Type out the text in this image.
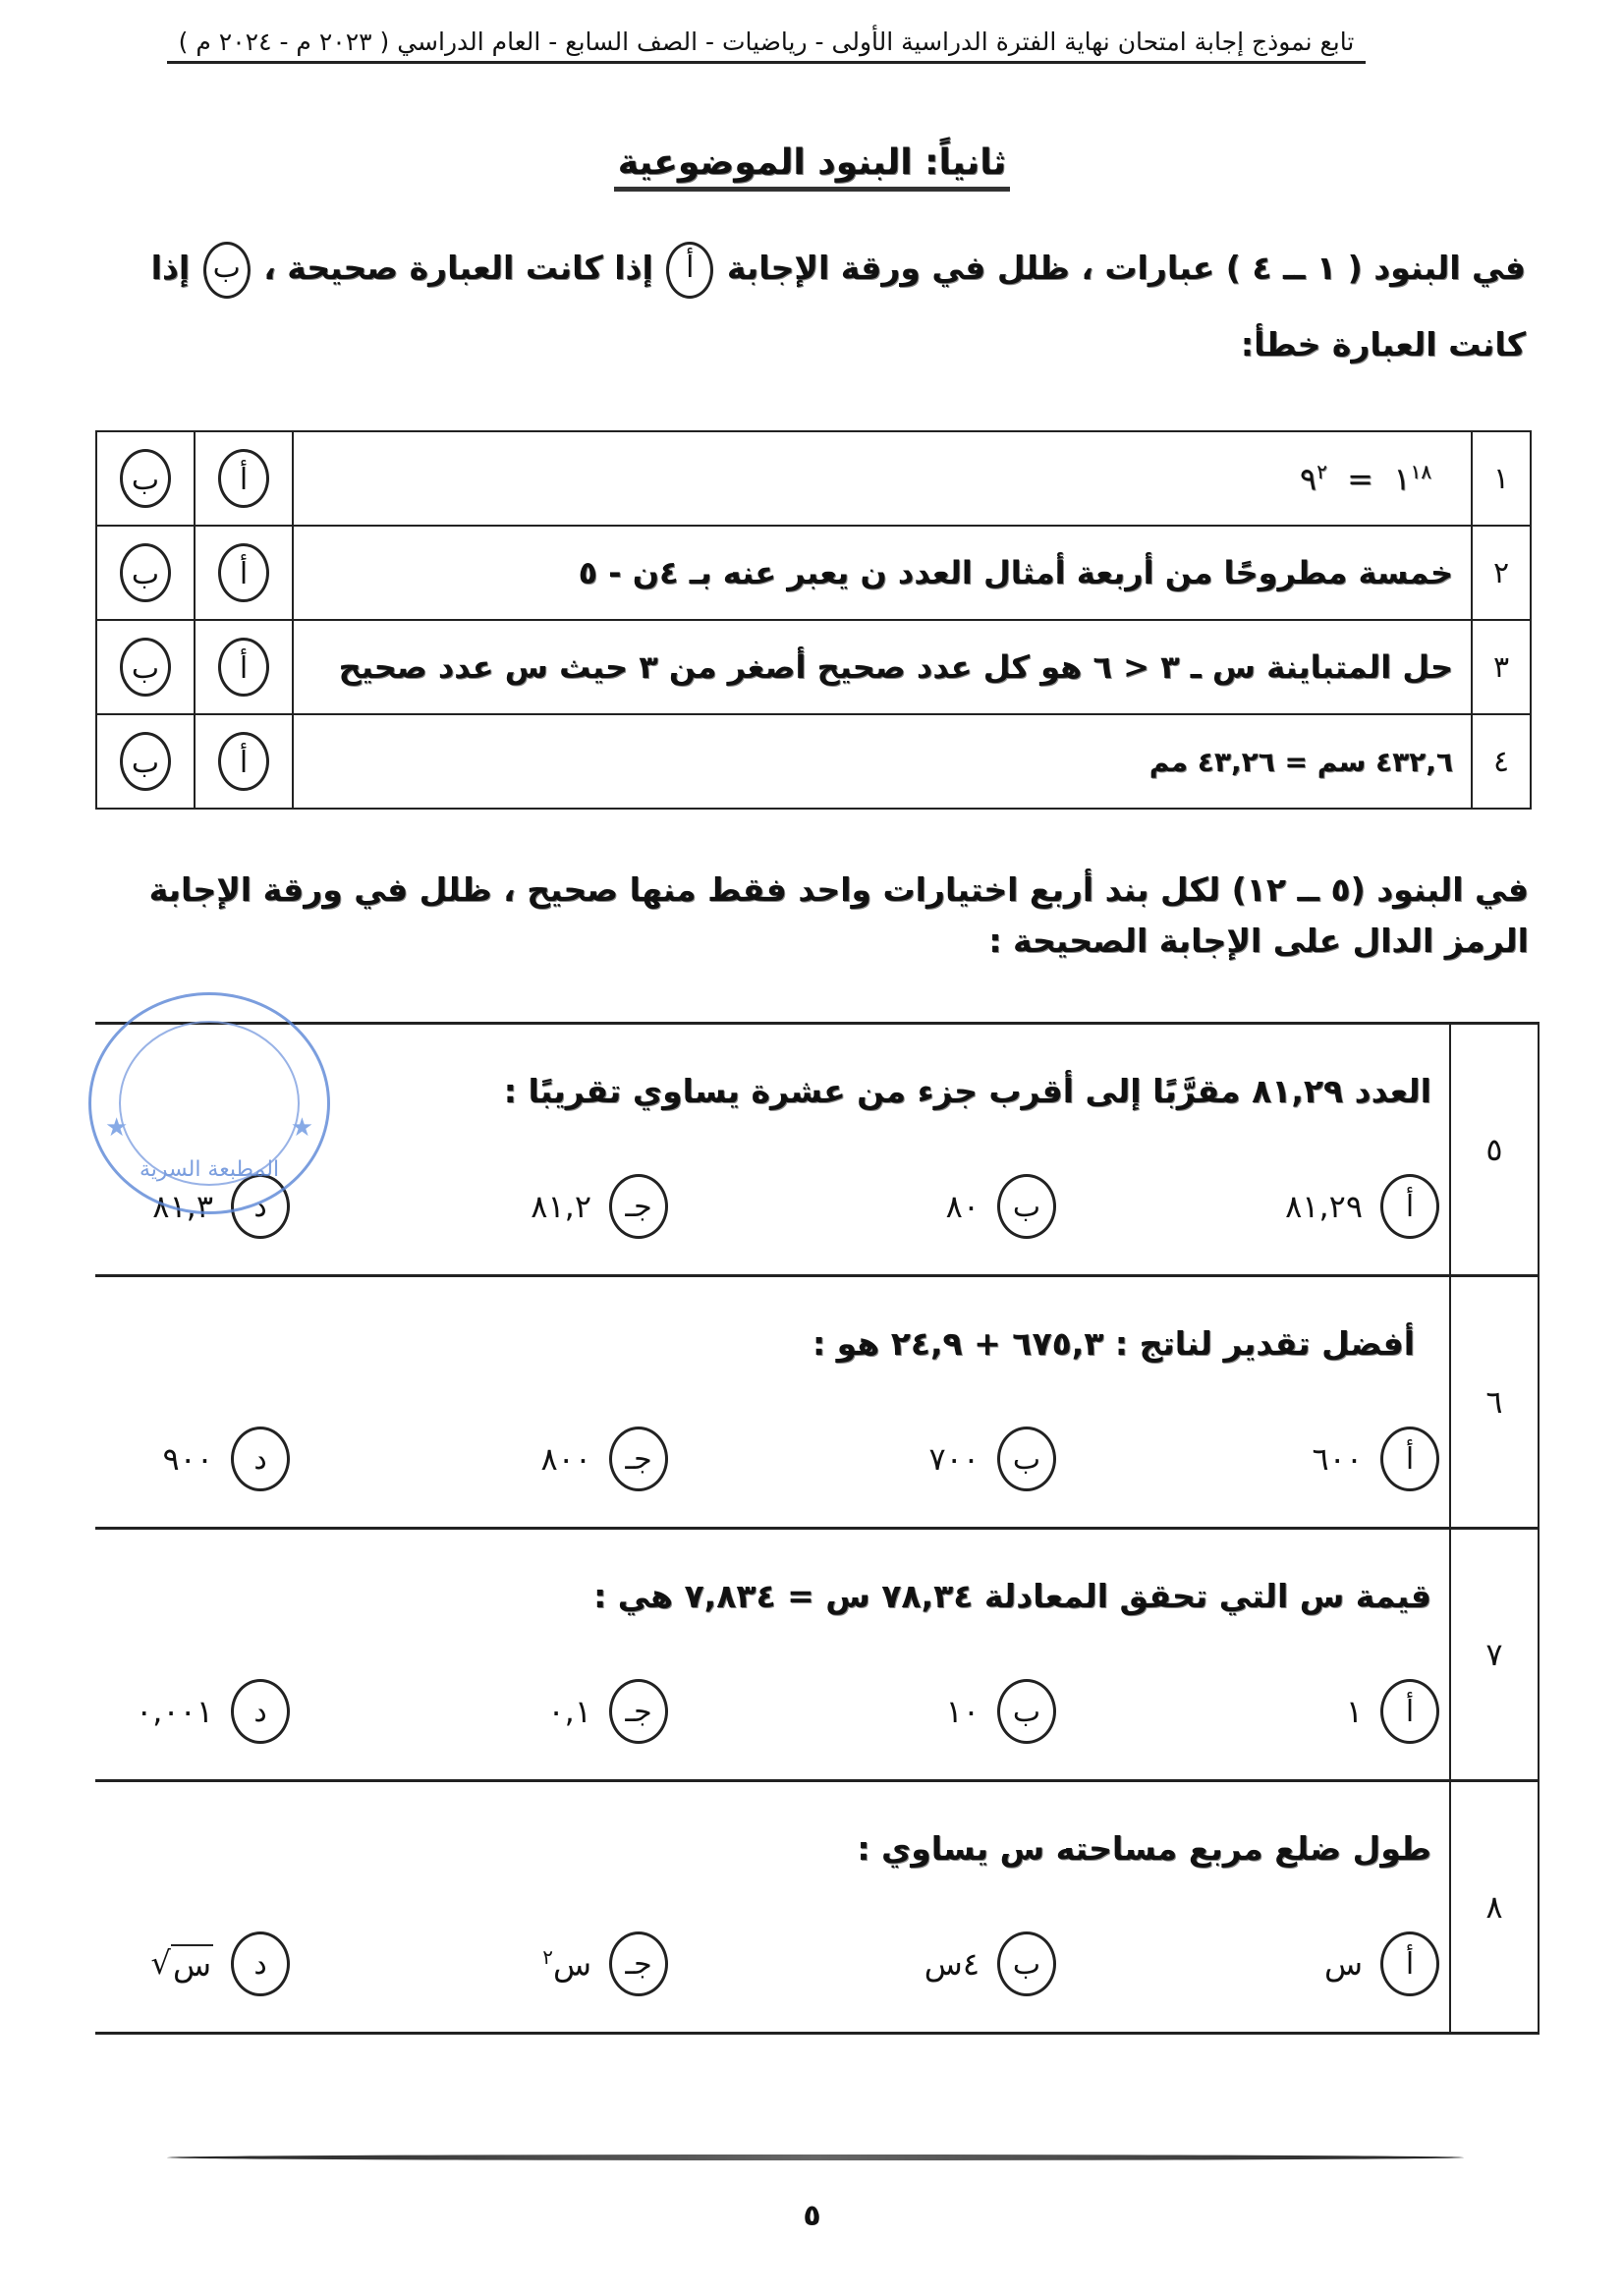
تابع نموذج إجابة امتحان نهاية الفترة الدراسية الأولى - رياضيات - الصف السابع - العام الدراسي ( ٢٠٢٣ م - ٢٠٢٤ م )
ثانياً: البنود الموضوعية
في البنود ( ١ ــ ٤ ) عبارات ، ظلل في ورقة الإجابة أ إذا كانت العبارة صحيحة ، ب إذا كانت العبارة خطأ:
١	$١^{١٨}$  =  $٩^٢$	أ	ب
٢	خمسة مطروحًا من أربعة أمثال العدد ن يعبر عنه بـ ٤ن - ٥	أ	ب
٣	حل المتباينة س ـ ٣ < ٦ هو كل عدد صحيح أصغر من ٣ حيث س عدد صحيح	أ	ب
٤	٤٣٢,٦ سم = ٤٣,٢٦ مم	أ	ب
في البنود (٥ ــ ١٢) لكل بند أربع اختيارات واحد فقط منها صحيح ، ظلل في ورقة الإجابة الرمز الدال على الإجابة الصحيحة :
٥	
العدد ٨١,٢٩ مقرَّبًا إلى أقرب جزء من عشرة يساوي تقريبًا :
أ
٨١,٢٩
ب
٨٠
جـ
٨١,٢
د
٨١,٣

٦	
أفضل تقدير لناتج : ٦٧٥,٣ + ٢٤,٩ هو :
أ
٦٠٠
ب
٧٠٠
جـ
٨٠٠
د
٩٠٠

٧	
قيمة س التي تحقق المعادلة ٧٨,٣٤ س = ٧,٨٣٤ هي :
أ
١
ب
١٠
جـ
٠,١
د
٠,٠٠١

٨	
طول ضلع مربع مساحته س يساوي :
أ
س
ب
٤س
جـ
س$^٢$
د
√ س
★	★
المطبعة السرية
٥
